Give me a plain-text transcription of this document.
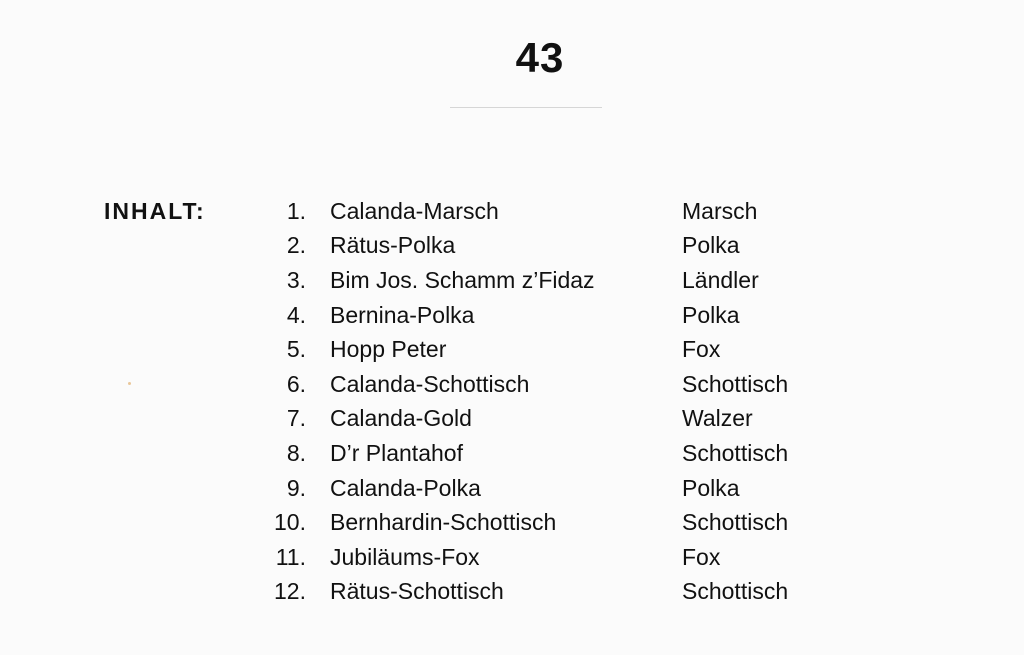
43
INHALT:	1. Calanda-Marsch	Marsch
2. Rätus-Polka	Polka
3. Bim Jos. Schamm z’Fidaz	Ländler
4. Bernina-Polka	Polka
5. Hopp Peter	Fox
6. Calanda-Schottisch	Schottisch
7. Calanda-Gold	Walzer
8. D’r Plantahof	Schottisch
9. Calanda-Polka	Polka
10. Bernhardin-Schottisch	Schottisch
11. Jubiläums-Fox	Fox
12. Rätus-Schottisch	Schottisch
